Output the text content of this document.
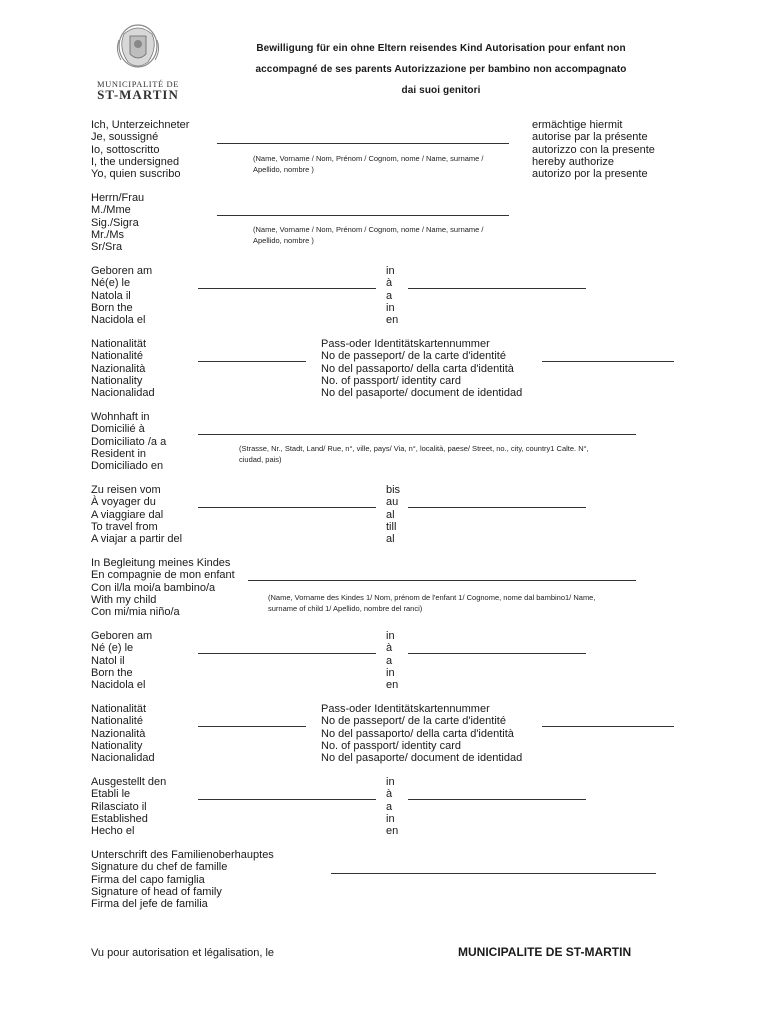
MUNICIPALITÉ DE
ST-MARTIN
Bewilligung für ein ohne Eltern reisendes Kind Autorisation pour enfant non
accompagné de ses parents Autorizzazione per bambino non accompagnato
dai suoi genitori
Ich, Unterzeichneter
Je, soussigné
Io, sottoscritto
I, the undersigned
Yo, quien suscribo
(Name, Vorname / Nom, Prénom / Cognom, nome / Name, surname / Apellido, nombre )
ermächtige hiermit
autorise par la présente
autorizzo con la presente
hereby authorize
autorizo por la presente
Herrn/Frau
M./Mme
Sig./Sigra
Mr./Ms
Sr/Sra
(Name, Vorname / Nom, Prénom / Cognom, nome / Name, surname / Apellido, nombre )
Geboren am
Né(e) le
Natola il
Born the
Nacidola el
in
à
a
in
en
Nationalität
Nationalité
Nazionalità
Nationality
Nacionalidad
Pass-oder Identitätskartennummer
No de passeport/ de la carte d'identité
No del passaporto/ della carta d'identità
No. of passport/ identity card
No del pasaporte/ document de identidad
Wohnhaft in
Domicilié à
Domiciliato /a a
Resident in
Domiciliado en
(Strasse, Nr., Stadt, Land/ Rue, n°, ville, pays/ Via, n°, località, paese/ Street, no., city, country1 Calte. N°, ciudad, pais)
Zu reisen vom
À voyager du
A viaggiare dal
To travel from
A viajar a partir del
bis
au
al
till
al
In Begleitung meines Kindes
En compagnie de mon enfant
Con il/la moi/a bambino/a
With my child
Con mi/mia niño/a
(Name, Vorname des Kindes 1/ Nom, prénom de l'enfant 1/ Cognome, nome dal bambino1/ Name, surname of child 1/ Apellido, nombre del ranci)
Geboren am
Né (e) le
Natol il
Born the
Nacidola el
in
à
a
in
en
Nationalität
Nationalité
Nazionalità
Nationality
Nacionalidad
Pass-oder Identitätskartennummer
No de passeport/ de la carte d'identité
No del passaporto/ della carta d'identità
No. of passport/ identity card
No del pasaporte/ document de identidad
Ausgestellt den
Etabli le
Rilasciato il
Established
Hecho el
in
à
a
in
en
Unterschrift des Familienoberhauptes
Signature du chef de famille
Firma del capo famiglia
Signature of head of family
Firma del jefe de familia
Vu pour autorisation et légalisation, le	MUNICIPALITE DE ST-MARTIN
